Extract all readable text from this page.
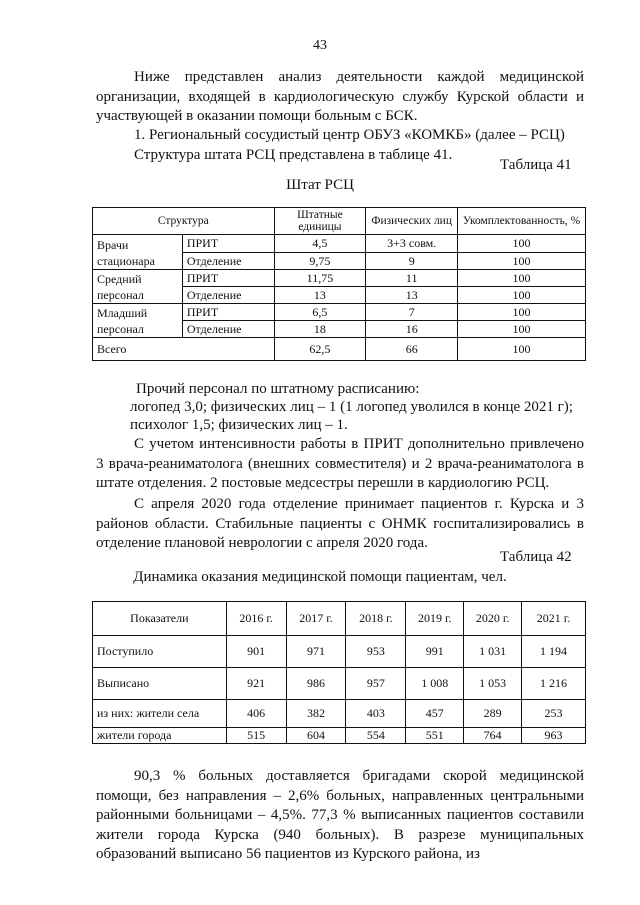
43

Ниже представлен анализ деятельности каждой медицинской организации, входящей в кардиологическую службу Курской области и участвующей в оказании помощи больным с БСК.

1. Региональный сосудистый центр ОБУЗ «КОМКБ» (далее – РСЦ)

Структура штата РСЦ представлена в таблице 41.

Таблица 41
Штат РСЦ
Структура		Штатные единицы	Физических лиц	Укомплектованность, %
Врачи стационара	ПРИТ	4,5	3+3 совм.	100
	Отделение	9,75	9	100
Средний персонал	ПРИТ	11,75	11	100
	Отделение	13	13	100
Младший персонал	ПРИТ	6,5	7	100
	Отделение	18	16	100
Всего		62,5	66	100

Прочий персонал по штатному расписанию:

логопед 3,0; физических лиц – 1 (1 логопед уволился в конце 2021 г);

психолог 1,5; физических лиц – 1.

С учетом интенсивности работы в ПРИТ дополнительно привлечено 3 врача-реаниматолога (внешних совместителя) и 2 врача-реаниматолога в штате отделения. 2 постовые медсестры перешли в кардиологию РСЦ.

С апреля 2020 года отделение принимает пациентов г. Курска и 3 районов области. Стабильные пациенты с ОНМК госпитализировались в отделение плановой неврологии с апреля 2020 года.

Таблица 42
Динамика оказания медицинской помощи пациентам, чел.
Показатели	2016 г.	2017 г.	2018 г.	2019 г.	2020 г.	2021 г.
Поступило	901	971	953	991	1 031	1 194
Выписано	921	986	957	1 008	1 053	1 216
из них: жители села	406	382	403	457	289	253
жители города	515	604	554	551	764	963

90,3 % больных доставляется бригадами скорой медицинской помощи, без направления – 2,6% больных, направленных центральными районными больницами – 4,5%. 77,3 % выписанных пациентов составили жители города Курска (940 больных). В разрезе муниципальных образований выписано 56 пациентов из Курского района, из
